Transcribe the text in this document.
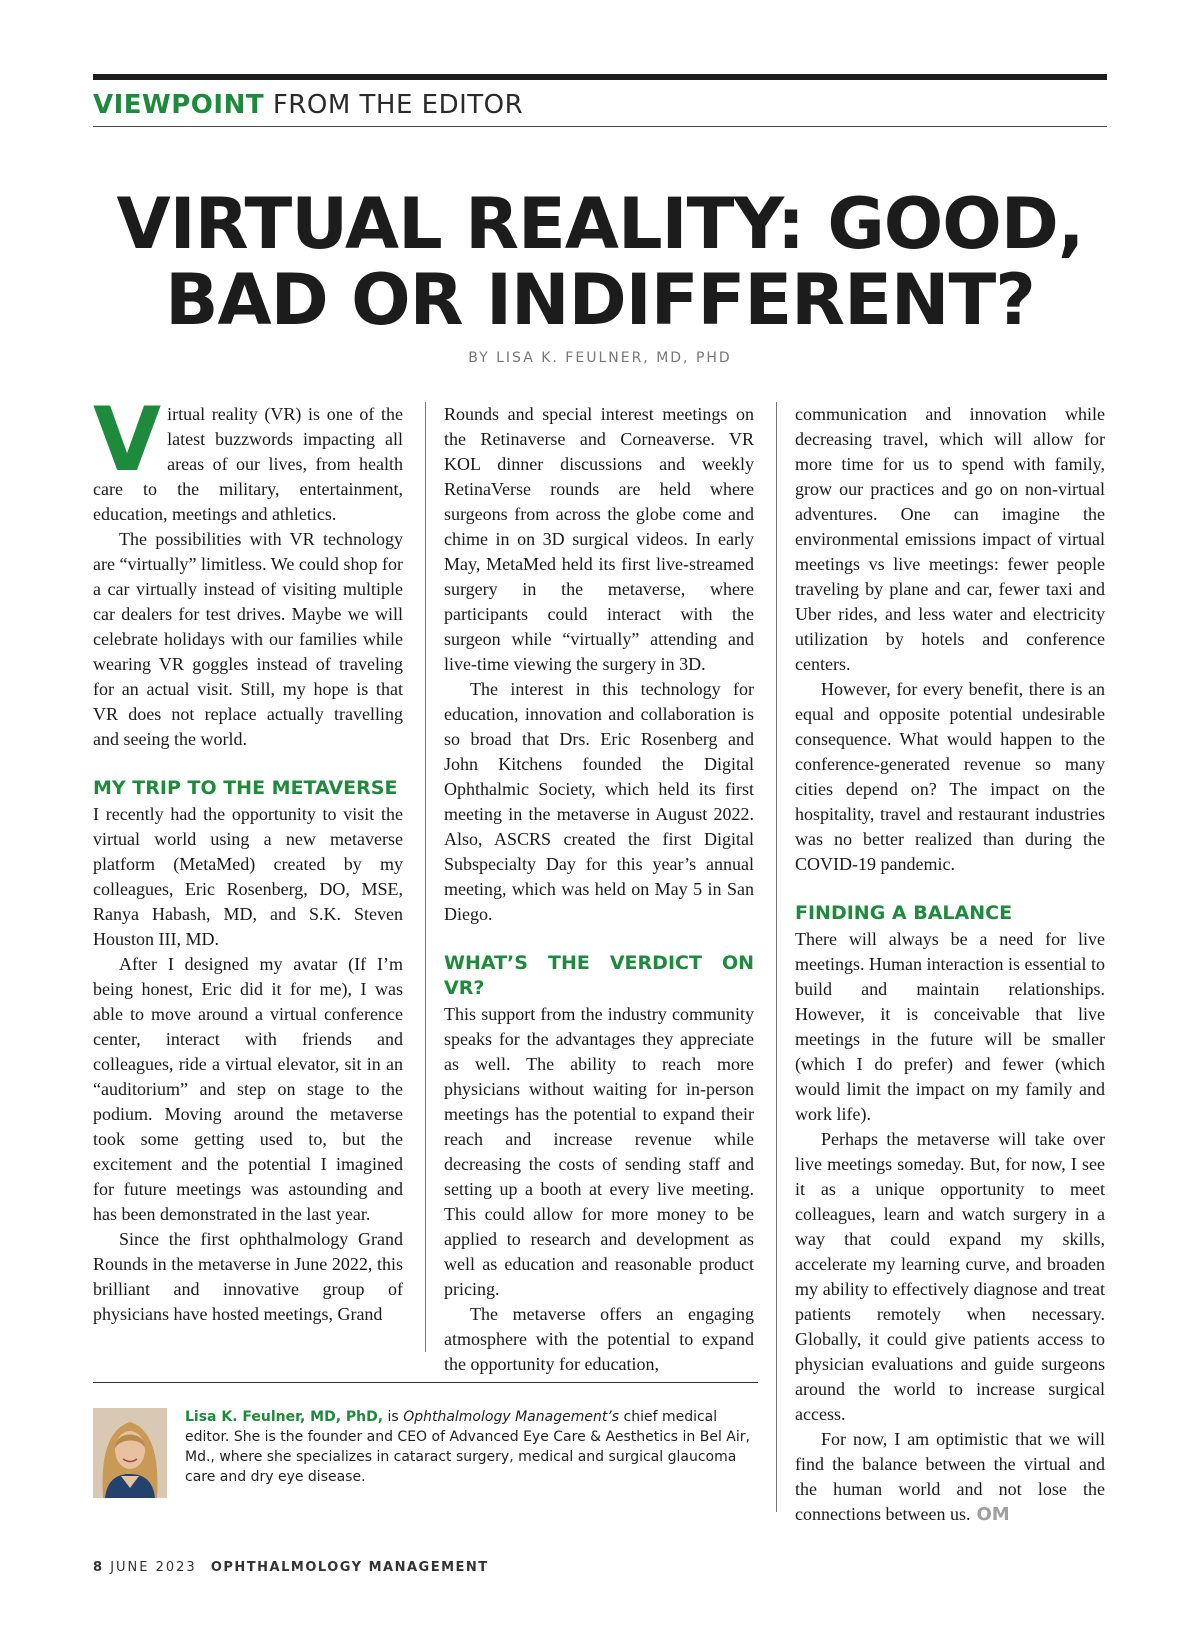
VIEWPOINT FROM THE EDITOR
VIRTUAL REALITY: GOOD,
BAD OR INDIFFERENT?
BY LISA K. FEULNER, MD, PHD

Virtual reality (VR) is one of the latest buzzwords impacting all areas of our lives, from health care to the military, entertainment, education, meetings and athletics.

The possibilities with VR technology are “virtually” limitless. We could shop for a car virtually instead of visiting multiple car dealers for test drives. Maybe we will celebrate holidays with our families while wearing VR goggles instead of traveling for an actual visit. Still, my hope is that VR does not replace actually travelling and seeing the world.

MY TRIP TO THE METAVERSE

I recently had the opportunity to visit the virtual world using a new metaverse platform (MetaMed) created by my colleagues, Eric Rosenberg, DO, MSE, Ranya Habash, MD, and S.K. Steven Houston III, MD.

After I designed my avatar (If I’m being honest, Eric did it for me), I was able to move around a virtual conference center, interact with friends and colleagues, ride a virtual elevator, sit in an “auditorium” and step on stage to the podium. Moving around the metaverse took some getting used to, but the excitement and the potential I imagined for future meetings was astounding and has been demonstrated in the last year.

Since the first ophthalmology Grand Rounds in the metaverse in June 2022, this brilliant and innovative group of physicians have hosted meetings, Grand

Rounds and special interest meetings on the Retinaverse and Corneaverse. VR KOL dinner discussions and weekly RetinaVerse rounds are held where surgeons from across the globe come and chime in on 3D surgical videos. In early May, MetaMed held its first live-streamed surgery in the metaverse, where participants could interact with the surgeon while “virtually” attending and live-time viewing the surgery in 3D.

The interest in this technology for education, innovation and collaboration is so broad that Drs. Eric Rosenberg and John Kitchens founded the Digital Ophthalmic Society, which held its first meeting in the metaverse in August 2022. Also, ASCRS created the first Digital Subspecialty Day for this year’s annual meeting, which was held on May 5 in San Diego.

WHAT’S THE VERDICT ON VR?

This support from the industry community speaks for the advantages they appreciate as well. The ability to reach more physicians without waiting for in-person meetings has the potential to expand their reach and increase revenue while decreasing the costs of sending staff and setting up a booth at every live meeting. This could allow for more money to be applied to research and development as well as education and reasonable product pricing.

The metaverse offers an engaging atmosphere with the potential to expand the opportunity for education,

communication and innovation while decreasing travel, which will allow for more time for us to spend with family, grow our practices and go on non-virtual adventures. One can imagine the environmental emissions impact of virtual meetings vs live meetings: fewer people traveling by plane and car, fewer taxi and Uber rides, and less water and electricity utilization by hotels and conference centers.

However, for every benefit, there is an equal and opposite potential undesirable consequence. What would happen to the conference-generated revenue so many cities depend on? The impact on the hospitality, travel and restaurant industries was no better realized than during the COVID-19 pandemic.

FINDING A BALANCE

There will always be a need for live meetings. Human interaction is essential to build and maintain relationships. However, it is conceivable that live meetings in the future will be smaller (which I do prefer) and fewer (which would limit the impact on my family and work life).

Perhaps the metaverse will take over live meetings someday. But, for now, I see it as a unique opportunity to meet colleagues, learn and watch surgery in a way that could expand my skills, accelerate my learning curve, and broaden my ability to effectively diagnose and treat patients remotely when necessary. Globally, it could give patients access to physician evaluations and guide surgeons around the world to increase surgical access.

For now, I am optimistic that we will find the balance between the virtual and the human world and not lose the connections between us. OM

Lisa K. Feulner, MD, PhD, is Ophthalmology Management’s chief medical editor. She is the founder and CEO of Advanced Eye Care & Aesthetics in Bel Air, Md., where she specializes in cataract surgery, medical and surgical glaucoma care and dry eye disease.
8 JUNE 2023 OPHTHALMOLOGY MANAGEMENT
